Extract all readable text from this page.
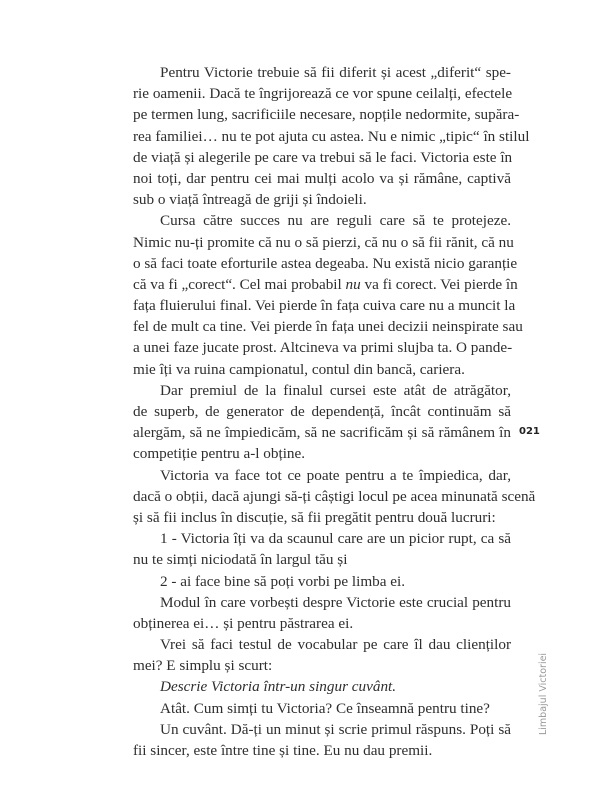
Pentru Victorie trebuie să fii diferit și acest „diferit“ spe-
rie oamenii. Dacă te îngrijorează ce vor spune ceilalți, efectele
pe termen lung, sacrificiile necesare, nopțile nedormite, supăra-
rea familiei… nu te pot ajuta cu astea. Nu e nimic „tipic“ în stilul
de viață și alegerile pe care va trebui să le faci. Victoria este în
noi toți, dar pentru cei mai mulți acolo va și rămâne, captivă
sub o viață întreagă de griji și îndoieli.
Cursa către succes nu are reguli care să te protejeze.
Nimic nu-ți promite că nu o să pierzi, că nu o să fii rănit, că nu
o să faci toate eforturile astea degeaba. Nu există nicio garanție
că va fi „corect“. Cel mai probabil nu va fi corect. Vei pierde în
fața fluierului final. Vei pierde în fața cuiva care nu a muncit la
fel de mult ca tine. Vei pierde în fața unei decizii neinspirate sau
a unei faze jucate prost. Altcineva va primi slujba ta. O pande-
mie îți va ruina campionatul, contul din bancă, cariera.
Dar premiul de la finalul cursei este atât de atrăgător,
de superb, de generator de dependență, încât continuăm să
alergăm, să ne împiedicăm, să ne sacrificăm și să rămânem în
competiție pentru a-l obține.
Victoria va face tot ce poate pentru a te împiedica, dar,
dacă o obții, dacă ajungi să-ți câștigi locul pe acea minunată scenă
și să fii inclus în discuție, să fii pregătit pentru două lucruri:
1 - Victoria îți va da scaunul care are un picior rupt, ca să
nu te simți niciodată în largul tău și
2 - ai face bine să poți vorbi pe limba ei.
Modul în care vorbești despre Victorie este crucial pentru
obținerea ei… și pentru păstrarea ei.
Vrei să faci testul de vocabular pe care îl dau clienților
mei? E simplu și scurt:
Descrie Victoria într-un singur cuvânt.
Atât. Cum simți tu Victoria? Ce înseamnă pentru tine?
Un cuvânt. Dă-ți un minut și scrie primul răspuns. Poți să
fii sincer, este între tine și tine. Eu nu dau premii.
021
Limbajul Victoriei
